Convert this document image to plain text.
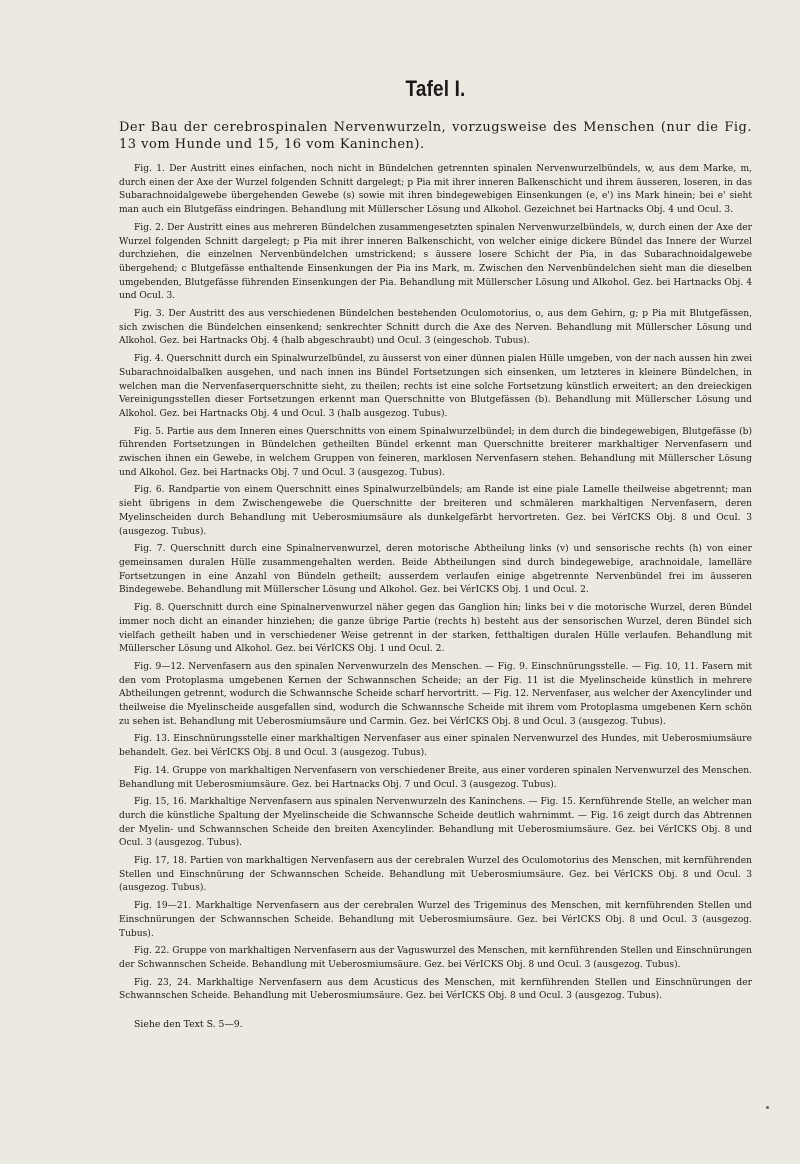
Tafel I.

Der Bau der cerebrospinalen Nervenwurzeln, vorzugsweise des Menschen (nur die Fig. 13 vom Hunde und 15, 16 vom Kaninchen).

Fig. 1. Der Austritt eines einfachen, noch nicht in Bündelchen getrennten spinalen Nervenwurzelbündels, w, aus dem Marke, m, durch einen der Axe der Wurzel folgenden Schnitt dargelegt; p Pia mit ihrer inneren Balkenschicht und ihrem äusseren, loseren, in das Subarachnoidalgewebe übergehenden Gewebe (s) sowie mit ihren bindegewebigen Einsenkungen (e, e') ins Mark hinein; bei e' sieht man auch ein Blutgefäss eindringen. Behandlung mit Müllerscher Lösung und Alkohol. Gezeichnet bei Hartnacks Obj. 4 und Ocul. 3.

Fig. 2. Der Austritt eines aus mehreren Bündelchen zusammengesetzten spinalen Nervenwurzelbündels, w, durch einen der Axe der Wurzel folgenden Schnitt dargelegt; p Pia mit ihrer inneren Balkenschicht, von welcher einige dickere Bündel das Innere der Wurzel durchziehen, die einzelnen Nervenbündelchen umstrickend; s äussere losere Schicht der Pia, in das Subarachnoidalgewebe übergehend; c Blutgefässe enthaltende Einsenkungen der Pia ins Mark, m. Zwischen den Nervenbündelchen sieht man die dieselben umgebenden, Blutgefässe führenden Einsenkungen der Pia. Behandlung mit Müllerscher Lösung und Alkohol. Gez. bei Hartnacks Obj. 4 und Ocul. 3.

Fig. 3. Der Austritt des aus verschiedenen Bündelchen bestehenden Oculomotorius, o, aus dem Gehirn, g; p Pia mit Blutgefässen, sich zwischen die Bündelchen einsenkend; senkrechter Schnitt durch die Axe des Nerven. Behandlung mit Müllerscher Lösung und Alkohol. Gez. bei Hartnacks Obj. 4 (halb abgeschraubt) und Ocul. 3 (eingeschob. Tubus).

Fig. 4. Querschnitt durch ein Spinalwurzelbündel, zu äusserst von einer dünnen pialen Hülle umgeben, von der nach aussen hin zwei Subarachnoidalbalken ausgehen, und nach innen ins Bündel Fortsetzungen sich einsenken, um letzteres in kleinere Bündelchen, in welchen man die Nervenfaserquerschnitte sieht, zu theilen; rechts ist eine solche Fortsetzung künstlich erweitert; an den dreieckigen Vereinigungsstellen dieser Fortsetzungen erkennt man Querschnitte von Blutgefässen (b). Behandlung mit Müllerscher Lösung und Alkohol. Gez. bei Hartnacks Obj. 4 und Ocul. 3 (halb ausgezog. Tubus).

Fig. 5. Partie aus dem Inneren eines Querschnitts von einem Spinalwurzelbündel; in dem durch die bindegewebigen, Blutgefässe (b) führenden Fortsetzungen in Bündelchen getheilten Bündel erkennt man Querschnitte breiterer markhaltiger Nervenfasern und zwischen ihnen ein Gewebe, in welchem Gruppen von feineren, marklosen Nervenfasern stehen. Behandlung mit Müllerscher Lösung und Alkohol. Gez. bei Hartnacks Obj. 7 und Ocul. 3 (ausgezog. Tubus).

Fig. 6. Randpartie von einem Querschnitt eines Spinalwurzelbündels; am Rande ist eine piale Lamelle theilweise abgetrennt; man sieht übrigens in dem Zwischengewebe die Querschnitte der breiteren und schmäleren markhaltigen Nervenfasern, deren Myelinscheiden durch Behandlung mit Ueberosmiumsäure als dunkelgefärbt hervortreten. Gez. bei VérICKS Obj. 8 und Ocul. 3 (ausgezog. Tubus).

Fig. 7. Querschnitt durch eine Spinalnervenwurzel, deren motorische Abtheilung links (v) und sensorische rechts (h) von einer gemeinsamen duralen Hülle zusammengehalten werden. Beide Abtheilungen sind durch bindegewebige, arachnoidale, lamelläre Fortsetzungen in eine Anzahl von Bündeln getheilt; ausserdem verlaufen einige abgetrennte Nervenbündel frei im äusseren Bindegewebe. Behandlung mit Müllerscher Lösung und Alkohol. Gez. bei VérICKS Obj. 1 und Ocul. 2.

Fig. 8. Querschnitt durch eine Spinalnervenwurzel näher gegen das Ganglion hin; links bei v die motorische Wurzel, deren Bündel immer noch dicht an einander hinziehen; die ganze übrige Partie (rechts h) besteht aus der sensorischen Wurzel, deren Bündel sich vielfach getheilt haben und in verschiedener Weise getrennt in der starken, fetthaltigen duralen Hülle verlaufen. Behandlung mit Müllerscher Lösung und Alkohol. Gez. bei VérICKS Obj. 1 und Ocul. 2.

Fig. 9—12. Nervenfasern aus den spinalen Nervenwurzeln des Menschen. — Fig. 9. Einschnürungsstelle. — Fig. 10, 11. Fasern mit den vom Protoplasma umgebenen Kernen der Schwannschen Scheide; an der Fig. 11 ist die Myelinscheide künstlich in mehrere Abtheilungen getrennt, wodurch die Schwannsche Scheide scharf hervortritt. — Fig. 12. Nervenfaser, aus welcher der Axencylinder und theilweise die Myelinscheide ausgefallen sind, wodurch die Schwannsche Scheide mit ihrem vom Protoplasma umgebenen Kern schön zu sehen ist. Behandlung mit Ueberosmiumsäure und Carmin. Gez. bei VérICKS Obj. 8 und Ocul. 3 (ausgezog. Tubus).

Fig. 13. Einschnürungsstelle einer markhaltigen Nervenfaser aus einer spinalen Nervenwurzel des Hundes, mit Ueberosmiumsäure behandelt. Gez. bei VérICKS Obj. 8 und Ocul. 3 (ausgezog. Tubus).

Fig. 14. Gruppe von markhaltigen Nervenfasern von verschiedener Breite, aus einer vorderen spinalen Nervenwurzel des Menschen. Behandlung mit Ueberosmiumsäure. Gez. bei Hartnacks Obj. 7 und Ocul. 3 (ausgezog. Tubus).

Fig. 15, 16. Markhaltige Nervenfasern aus spinalen Nervenwurzeln des Kaninchens. — Fig. 15. Kernführende Stelle, an welcher man durch die künstliche Spaltung der Myelinscheide die Schwannsche Scheide deutlich wahrnimmt. — Fig. 16 zeigt durch das Abtrennen der Myelin- und Schwannschen Scheide den breiten Axencylinder. Behandlung mit Ueberosmiumsäure. Gez. bei VérICKS Obj. 8 und Ocul. 3 (ausgezog. Tubus).

Fig. 17, 18. Partien von markhaltigen Nervenfasern aus der cerebralen Wurzel des Oculomotorius des Menschen, mit kernführenden Stellen und Einschnürung der Schwannschen Scheide. Behandlung mit Ueberosmiumsäure. Gez. bei VérICKS Obj. 8 und Ocul. 3 (ausgezog. Tubus).

Fig. 19—21. Markhaltige Nervenfasern aus der cerebralen Wurzel des Trigeminus des Menschen, mit kernführenden Stellen und Einschnürungen der Schwannschen Scheide. Behandlung mit Ueberosmiumsäure. Gez. bei VérICKS Obj. 8 und Ocul. 3 (ausgezog. Tubus).

Fig. 22. Gruppe von markhaltigen Nervenfasern aus der Vaguswurzel des Menschen, mit kernführenden Stellen und Einschnürungen der Schwannschen Scheide. Behandlung mit Ueberosmiumsäure. Gez. bei VérICKS Obj. 8 und Ocul. 3 (ausgezog. Tubus).

Fig. 23, 24. Markhaltige Nervenfasern aus dem Acusticus des Menschen, mit kernführenden Stellen und Einschnürungen der Schwannschen Scheide. Behandlung mit Ueberosmiumsäure. Gez. bei VérICKS Obj. 8 und Ocul. 3 (ausgezog. Tubus).

Siehe den Text S. 5—9.
